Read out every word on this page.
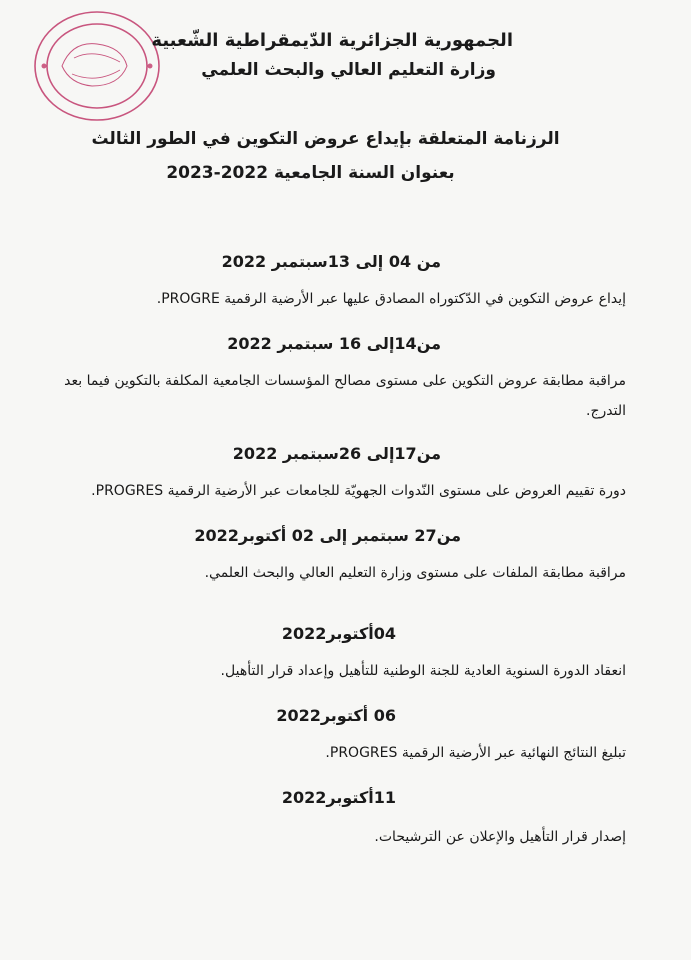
الجمهورية الجزائرية الدّيمقراطية الشّعبية
وزارة التعليم العالي والبحث العلمي
الرزنامة المتعلقة بإيداع عروض التكوين في الطور الثالث
بعنوان السنة الجامعية 2022-2023
من 04 إلى 13سبتمبر 2022
إيداع عروض التكوين في الدّكتوراه المصادق عليها عبر الأرضية الرقمية PROGRE.
من14إلى 16 سبتمبر 2022
مراقبة مطابقة عروض التكوين على مستوى مصالح المؤسسات الجامعية المكلفة بالتكوين فيما بعد التدرج.
من17إلى 26سبتمبر 2022
دورة تقييم العروض على مستوى النّدوات الجهويّة للجامعات عبر الأرضية الرقمية PROGRES.
من27 سبتمبر إلى 02 أكتوبر2022
مراقبة مطابقة الملفات على مستوى وزارة التعليم العالي والبحث العلمي.
04أكتوبر2022
انعقاد الدورة السنوية العادية للجنة الوطنية للتأهيل وإعداد قرار التأهيل.
06 أكتوبر2022
تبليغ النتائج النهائية عبر الأرضية الرقمية PROGRES.
11أكتوبر2022
إصدار قرار التأهيل والإعلان عن الترشيحات.
